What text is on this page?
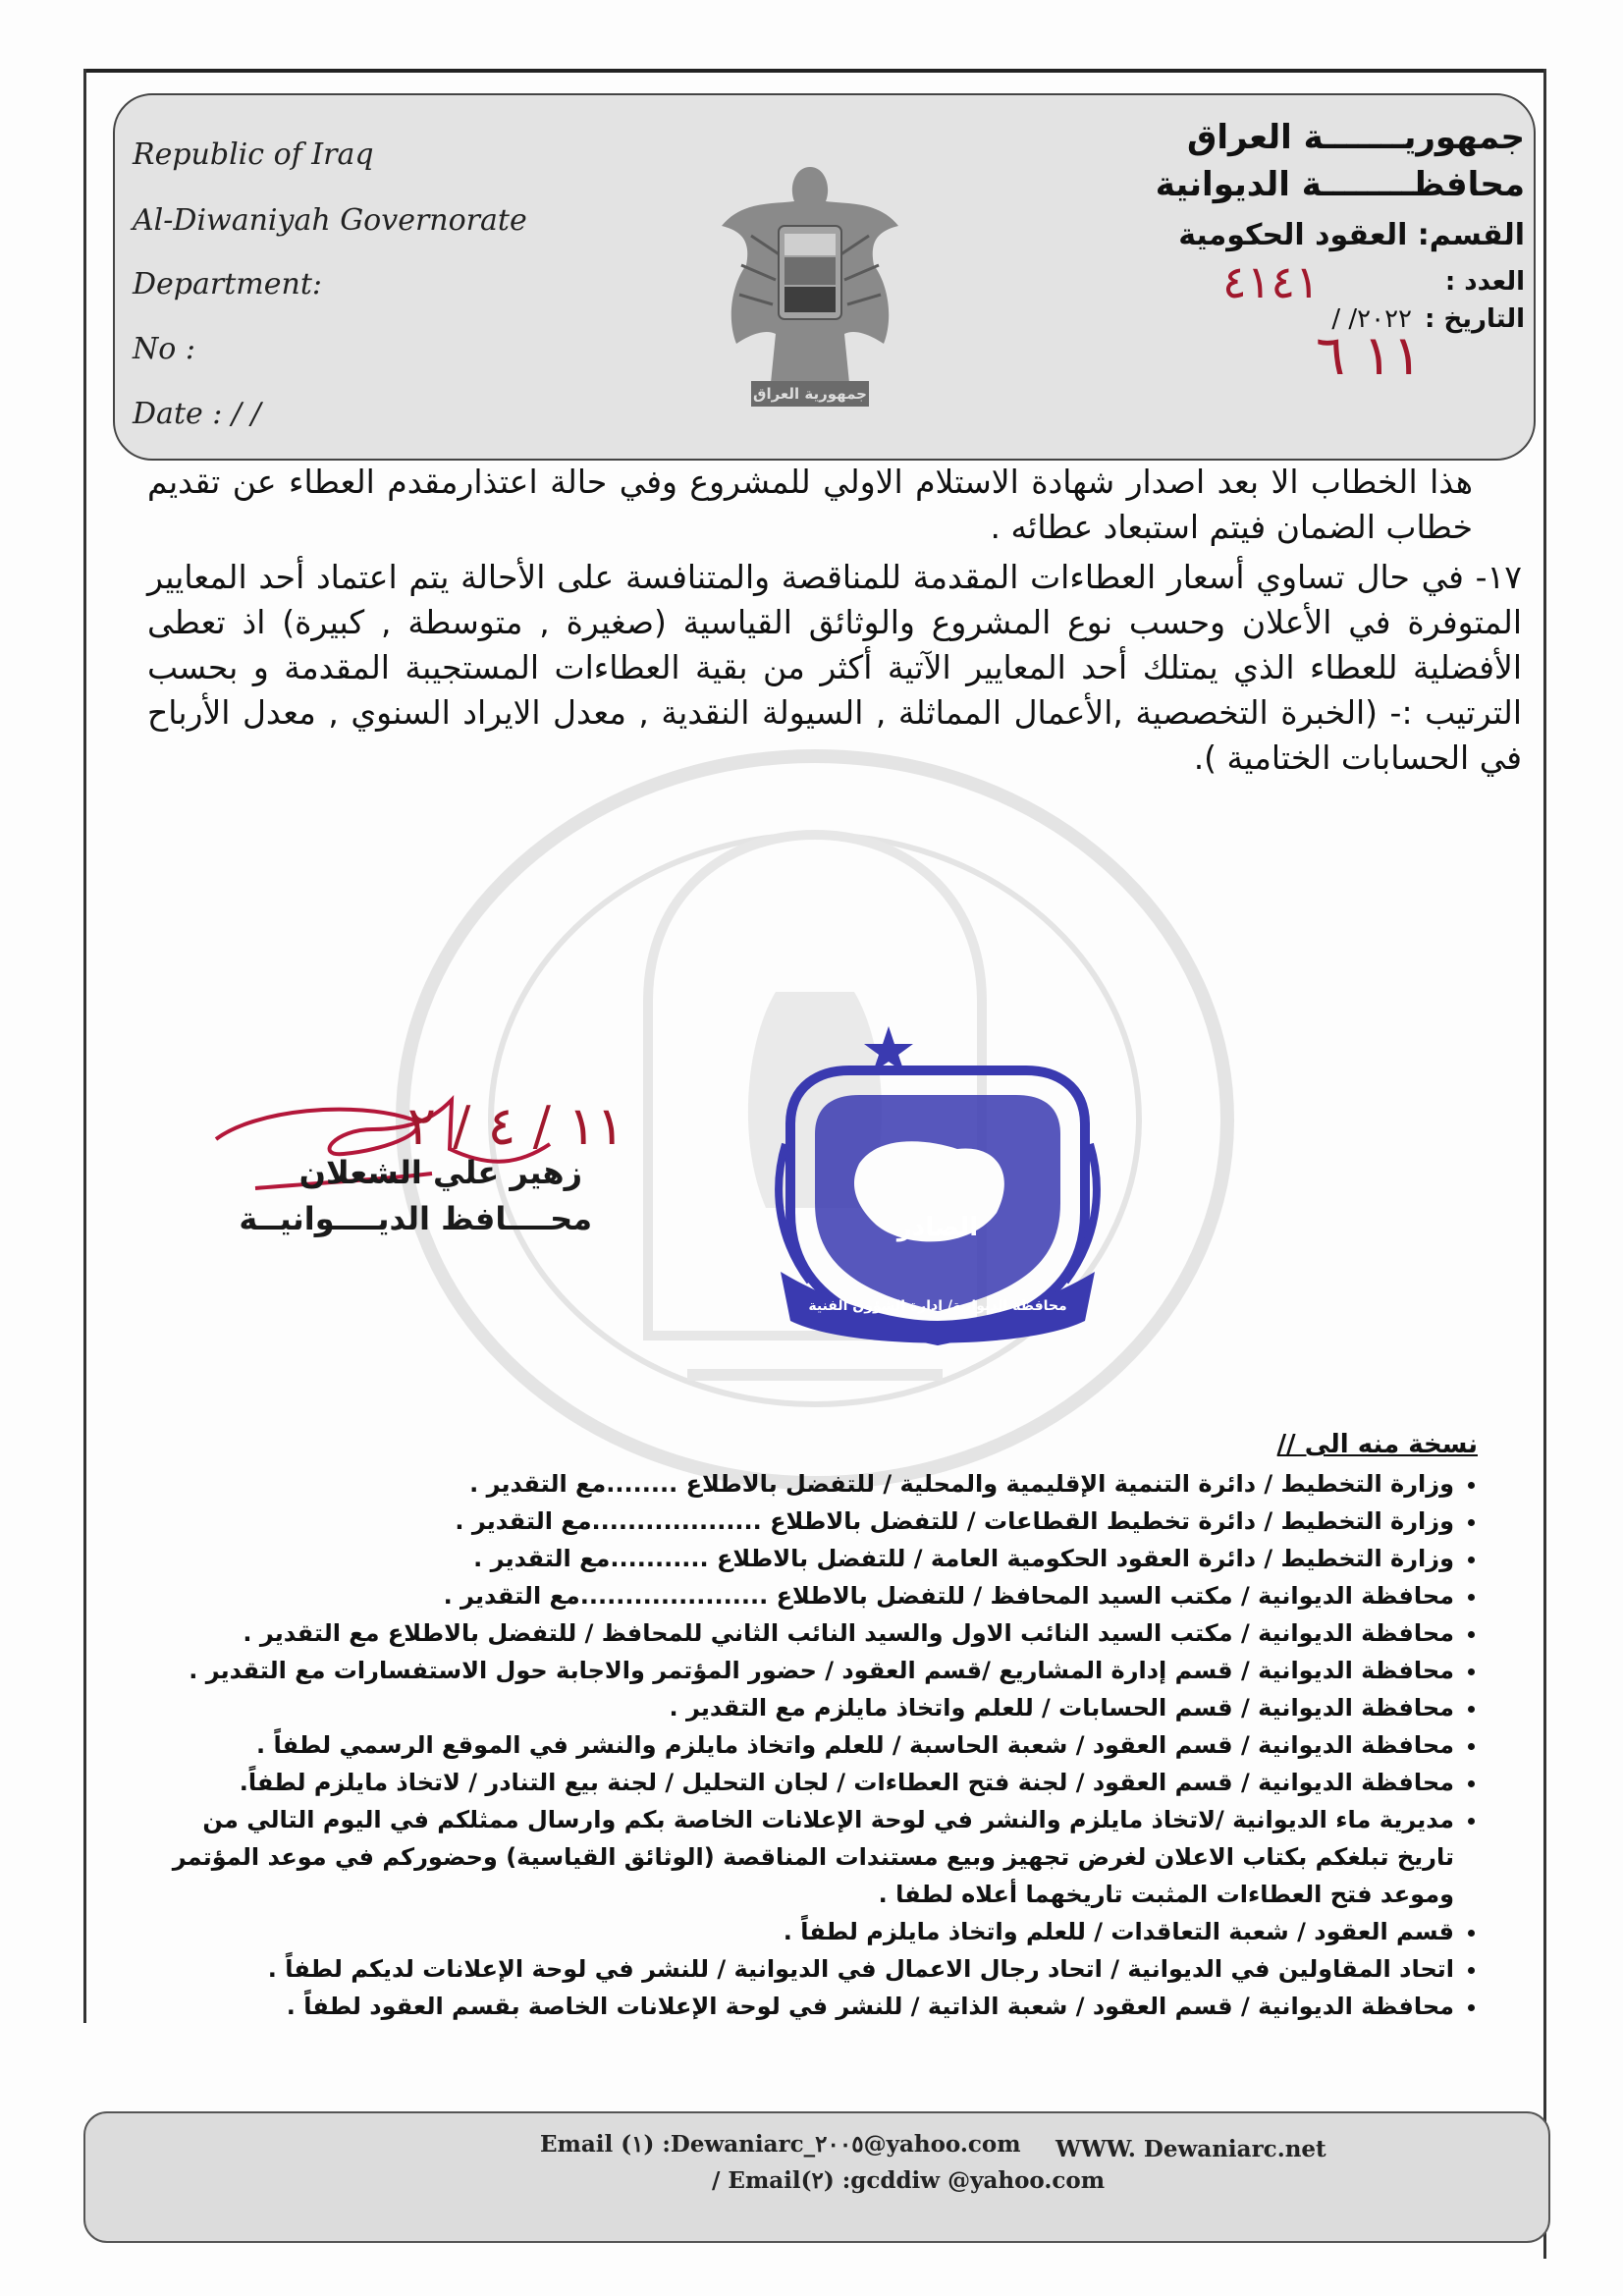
Republic of Iraq
Al-Diwaniyah Governorate
Department:
No :
Date : / /
جمهوريـــــــة العراق
محافظــــــــة الديوانية
القسم: العقود الحكومية
العدد :
التاريخ :
٢٠٢٢/ /
٤١٤١
١١ ٦
جمهورية العراق

هذا الخطاب الا بعد اصدار شهادة الاستلام الاولي للمشروع وفي حالة اعتذارمقدم العطاء عن تقديم خطاب الضمان فيتم استبعاد عطائه .

١٧- في حال تساوي أسعار العطاءات المقدمة للمناقصة والمتنافسة على الأحالة يتم اعتماد أحد المعايير المتوفرة في الأعلان وحسب نوع المشروع والوثائق القياسية (صغيرة , متوسطة , كبيرة) اذ تعطى الأفضلية للعطاء الذي يمتلك أحد المعايير الآتية أكثر من بقية العطاءات المستجيبة المقدمة و بحسب الترتيب :- (الخبرة التخصصية ,الأعمال المماثلة , السيولة النقدية , معدل الايراد السنوي , معدل الأرباح في الحسابات الختامية ).

الصادر
محافظة الديوانية/ ادارة الشؤون الفنية
١١ / ٤ / ٢
زهير علي الشعلان
محــــافظ الديــــوانيــة

نسخة منه الى //

• وزارة التخطيط / دائرة التنمية الإقليمية والمحلية / للتفضل بالاطلاع ........مع التقدير .
• وزارة التخطيط / دائرة تخطيط القطاعات / للتفضل بالاطلاع ...................مع التقدير .
• وزارة التخطيط / دائرة العقود الحكومية العامة / للتفضل بالاطلاع ...........مع التقدير .
• محافظة الديوانية / مكتب السيد المحافظ / للتفضل بالاطلاع .....................مع التقدير .
• محافظة الديوانية / مكتب السيد النائب الاول والسيد النائب الثاني للمحافظ / للتفضل بالاطلاع مع التقدير .
• محافظة الديوانية / قسم إدارة المشاريع /قسم العقود / حضور المؤتمر والاجابة حول الاستفسارات مع التقدير .
• محافظة الديوانية / قسم الحسابات / للعلم واتخاذ مايلزم مع التقدير .
• محافظة الديوانية / قسم العقود / شعبة الحاسبة / للعلم واتخاذ مايلزم والنشر في الموقع الرسمي لطفاً .
• محافظة الديوانية / قسم العقود / لجنة فتح العطاءات / لجان التحليل / لجنة بيع التنادر / لاتخاذ مايلزم لطفاً.
• مديرية ماء الديوانية /لاتخاذ مايلزم والنشر في لوحة الإعلانات الخاصة بكم وارسال ممثلكم في اليوم التالي من تاريخ تبلغكم بكتاب الاعلان لغرض تجهيز وبيع مستندات المناقصة (الوثائق القياسية) وحضوركم في موعد المؤتمر وموعد فتح العطاءات المثبت تاريخهما أعلاه لطفا .
• قسم العقود / شعبة التعاقدات / للعلم واتخاذ مايلزم لطفاً .
• اتحاد المقاولين في الديوانية / اتحاد رجال الاعمال في الديوانية / للنشر في لوحة الإعلانات لديكم لطفاً .
• محافظة الديوانية / قسم العقود / شعبة الذاتية / للنشر في لوحة الإعلانات الخاصة بقسم العقود لطفاً .
Email (١) :Dewaniarc_٢٠٠٥@yahoo.com WWW. Dewaniarc.net
/ Email(٢) :gcddiw @yahoo.com
